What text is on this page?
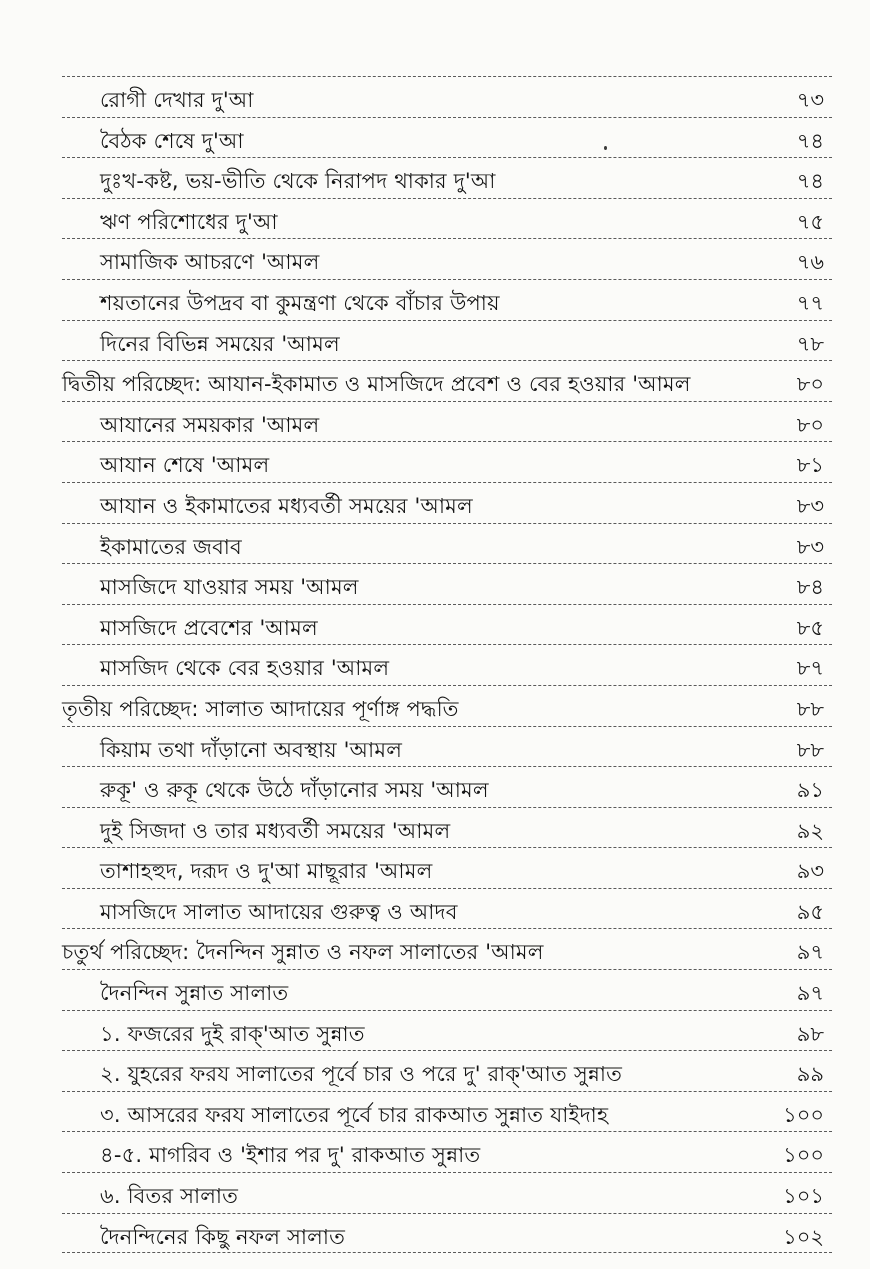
রোগী দেখার দু'আ	৭৩
বৈঠক শেষে দু'আ	৭৪
দুঃখ-কষ্ট, ভয়-ভীতি থেকে নিরাপদ থাকার দু'আ	৭৪
ঋণ পরিশোধের দু'আ	৭৫
সামাজিক আচরণে 'আমল	৭৬
শয়তানের উপদ্রব বা কুমন্ত্রণা থেকে বাঁচার উপায়	৭৭
দিনের বিভিন্ন সময়ের 'আমল	৭৮
দ্বিতীয় পরিচ্ছেদ: আযান-ইকামাত ও মাসজিদে প্রবেশ ও বের হওয়ার 'আমল	৮০
আযানের সময়কার 'আমল	৮০
আযান শেষে 'আমল	৮১
আযান ও ইকামাতের মধ্যবর্তী সময়ের 'আমল	৮৩
ইকামাতের জবাব	৮৩
মাসজিদে যাওয়ার সময় 'আমল	৮৪
মাসজিদে প্রবেশের 'আমল	৮৫
মাসজিদ থেকে বের হওয়ার 'আমল	৮৭
তৃতীয় পরিচ্ছেদ: সালাত আদায়ের পূর্ণাঙ্গ পদ্ধতি	৮৮
কিয়াম তথা দাঁড়ানো অবস্থায় 'আমল	৮৮
রুকূ' ও রুকূ থেকে উঠে দাঁড়ানোর সময় 'আমল	৯১
দুই সিজদা ও তার মধ্যবর্তী সময়ের 'আমল	৯২
তাশাহহুদ, দরূদ ও দু'আ মাছূরার 'আমল	৯৩
মাসজিদে সালাত আদায়ের গুরুত্ব ও আদব	৯৫
চতুর্থ পরিচ্ছেদ: দৈনন্দিন সুন্নাত ও নফল সালাতের 'আমল	৯৭
দৈনন্দিন সুন্নাত সালাত	৯৭
১. ফজরের দুই রাক্'আত সুন্নাত	৯৮
২. যুহরের ফরয সালাতের পূর্বে চার ও পরে দু' রাক্'আত সুন্নাত	৯৯
৩. আসরের ফরয সালাতের পূর্বে চার রাকআত সুন্নাত যাইদাহ	১০০
৪-৫. মাগরিব ও 'ইশার পর দু' রাকআত সুন্নাত	১০০
৬. বিতর সালাত	১০১
দৈনন্দিনের কিছু নফল সালাত	১০২
